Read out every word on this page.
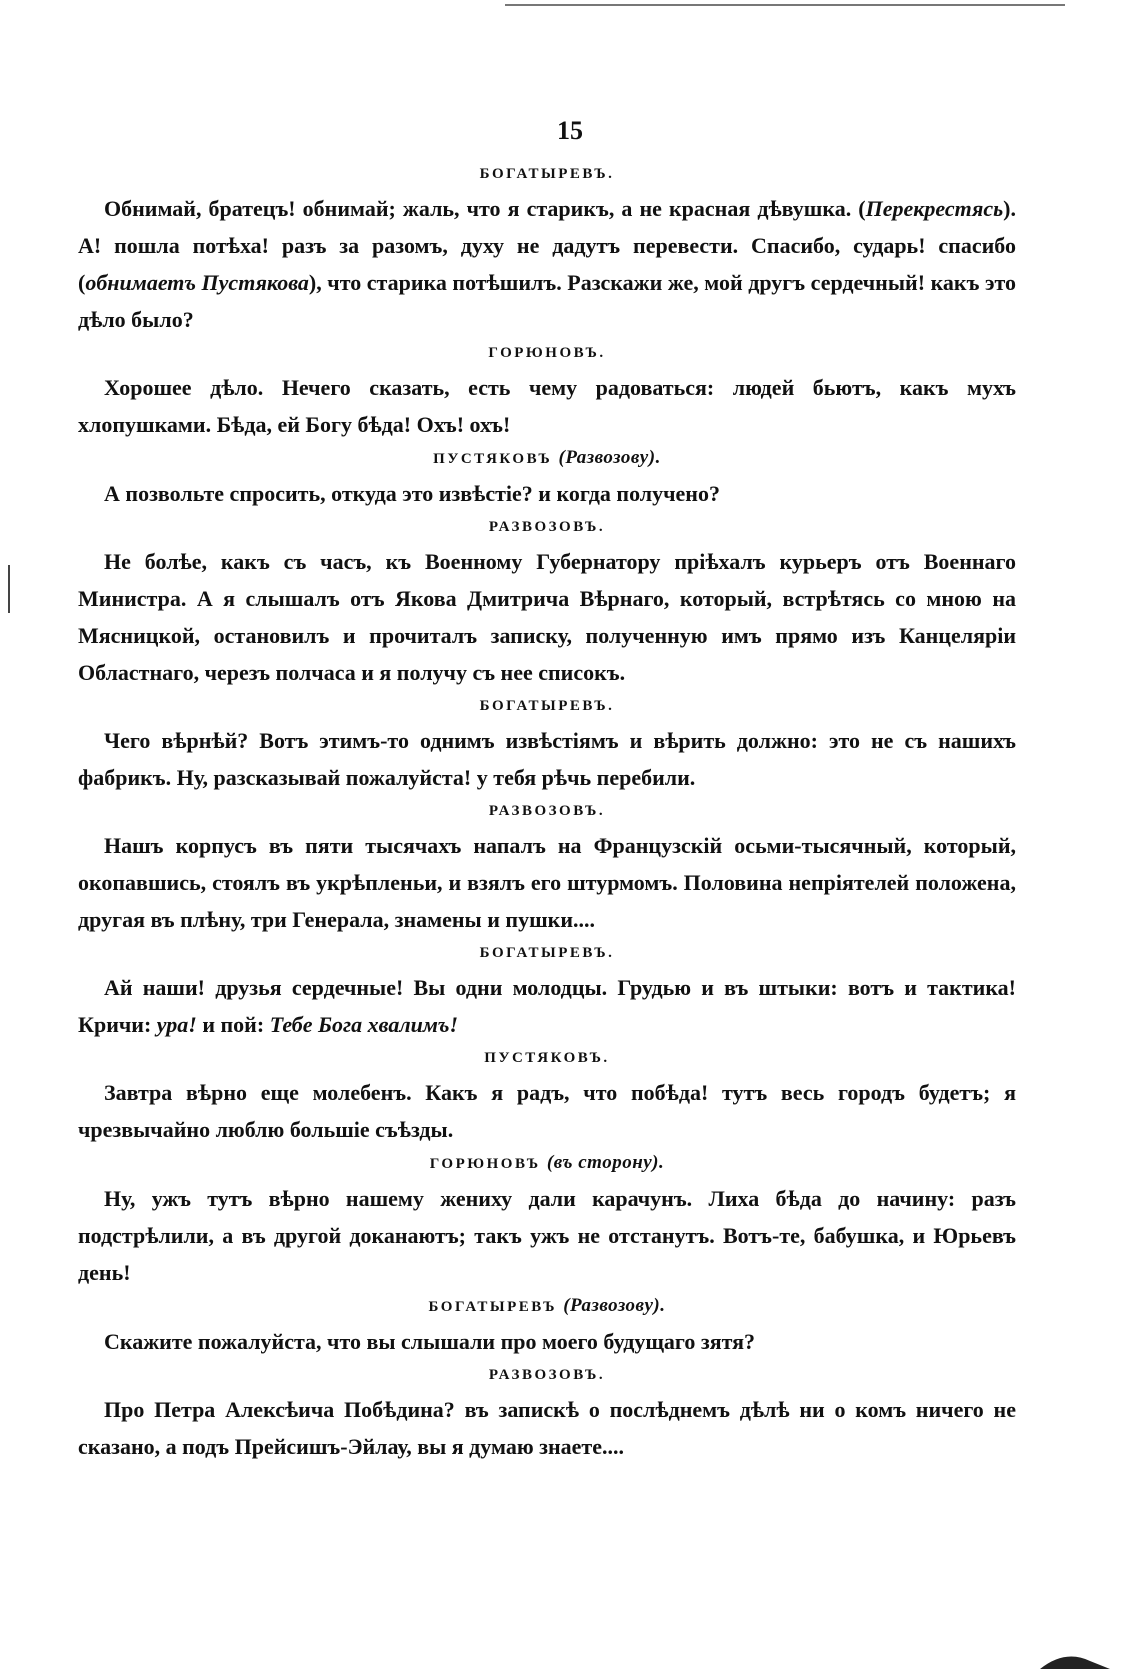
15
БОГАТЫРЕВЪ.

Обнимай, братецъ! обнимай; жаль, что я старикъ, а не красная дѣвушка. (Перекрестясь). А! пошла потѣха! разъ за разомъ, духу не дадутъ перевести. Спасибо, сударь! спасибо (обнимаетъ Пустякова), что старика потѣшилъ. Разскажи же, мой другъ сердечный! какъ это дѣло было?

ГОРЮНОВЪ.

Хорошее дѣло. Нечего сказать, есть чему радоваться: людей бьютъ, какъ мухъ хлопушками. Бѣда, ей Богу бѣда! Охъ! охъ!

ПУСТЯКОВЪ (Развозову).

А позвольте спросить, откуда это извѣстіе? и когда получено?

РАЗВОЗОВЪ.

Не болѣе, какъ съ часъ, къ Военному Губернатору пріѣхалъ курьеръ отъ Военнаго Министра. А я слышалъ отъ Якова Дмитрича Вѣрнаго, который, встрѣтясь со мною на Мясницкой, остановилъ и прочиталъ записку, полученную имъ прямо изъ Канцеляріи Областнаго, черезъ полчаса и я получу съ нее списокъ.

БОГАТЫРЕВЪ.

Чего вѣрнѣй? Вотъ этимъ-то однимъ извѣстіямъ и вѣрить должно: это не съ нашихъ фабрикъ. Ну, разсказывай пожалуйста! у тебя рѣчь перебили.

РАЗВОЗОВЪ.

Нашъ корпусъ въ пяти тысячахъ напалъ на Французскій осьми-тысячный, который, окопавшись, стоялъ въ укрѣпленьи, и взялъ его штурмомъ. Половина непріятелей положена, другая въ плѣну, три Генерала, знамены и пушки....

БОГАТЫРЕВЪ.

Ай наши! друзья сердечные! Вы одни молодцы. Грудью и въ штыки: вотъ и тактика! Кричи: ура! и пой: Тебе Бога хвалимъ!

ПУСТЯКОВЪ.

Завтра вѣрно еще молебенъ. Какъ я радъ, что побѣда! тутъ весь городъ будетъ; я чрезвычайно люблю большіе съѣзды.

ГОРЮНОВЪ (въ сторону).

Ну, ужъ тутъ вѣрно нашему жениху дали карачунъ. Лиха бѣда до начину: разъ подстрѣлили, а въ другой доканаютъ; такъ ужъ не отстанутъ. Вотъ-те, бабушка, и Юрьевъ день!

БОГАТЫРЕВЪ (Развозову).

Скажите пожалуйста, что вы слышали про моего будущаго зятя?

РАЗВОЗОВЪ.

Про Петра Алексѣича Побѣдина? въ запискѣ о послѣднемъ дѣлѣ ни о комъ ничего не сказано, а подъ Прейсишъ-Эйлау, вы я думаю знаете....
